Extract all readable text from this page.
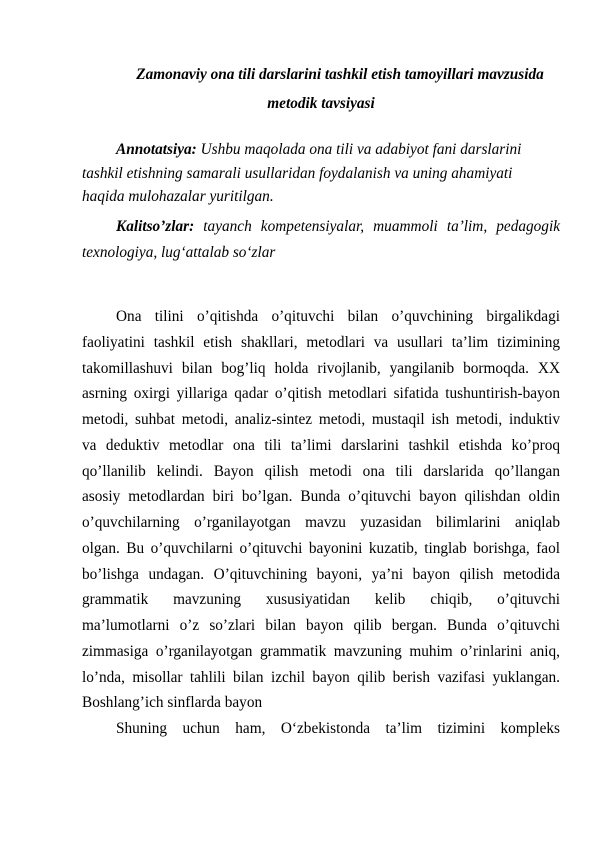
Zamonaviy ona tili darslarini tashkil etish tamoyillari mavzusida
metodik tavsiyasi
Annotatsiya: Ushbu maqolada ona tili va adabiyot fani darslarini
tashkil etishning samarali usullaridan foydalanish va uning ahamiyati
haqida mulohazalar yuritilgan.
Kalitso’zlar: tayanch kompetensiyalar, muammoli ta’lim, pedagogik
texnologiya, lug‘attalab so‘zlar
Ona tilini o’qitishda o’qituvchi bilan o’quvchining birgalikdagi
faoliyatini tashkil etish shakllari, metodlari va usullari ta’lim tizimining
takomillashuvi bilan bog’liq holda rivojlanib, yangilanib bormoqda. XX
asrning oxirgi yillariga qadar o’qitish metodlari sifatida tushuntirish-bayon
metodi, suhbat metodi, analiz-sintez metodi, mustaqil ish metodi, induktiv
va deduktiv metodlar ona tili ta’limi darslarini tashkil etishda ko’proq
qo’llanilib kelindi. Bayon qilish metodi ona tili darslarida qo’llangan
asosiy metodlardan biri bo’lgan. Bunda o’qituvchi bayon qilishdan oldin
o’quvchilarning o’rganilayotgan mavzu yuzasidan bilimlarini aniqlab
olgan. Bu o’quvchilarni o’qituvchi bayonini kuzatib, tinglab borishga, faol
bo’lishga undagan. O’qituvchining bayoni, ya’ni bayon qilish metodida
grammatik mavzuning xususiyatidan kelib chiqib, o’qituvchi
ma’lumotlarni o’z so’zlari bilan bayon qilib bergan. Bunda o’qituvchi
zimmasiga o’rganilayotgan grammatik mavzuning muhim o’rinlarini aniq,
lo’nda, misollar tahlili bilan izchil bayon qilib berish vazifasi yuklangan.
Boshlang’ich sinflarda bayon
Shuning uchun ham, O‘zbekistonda ta’lim tizimini kompleks
